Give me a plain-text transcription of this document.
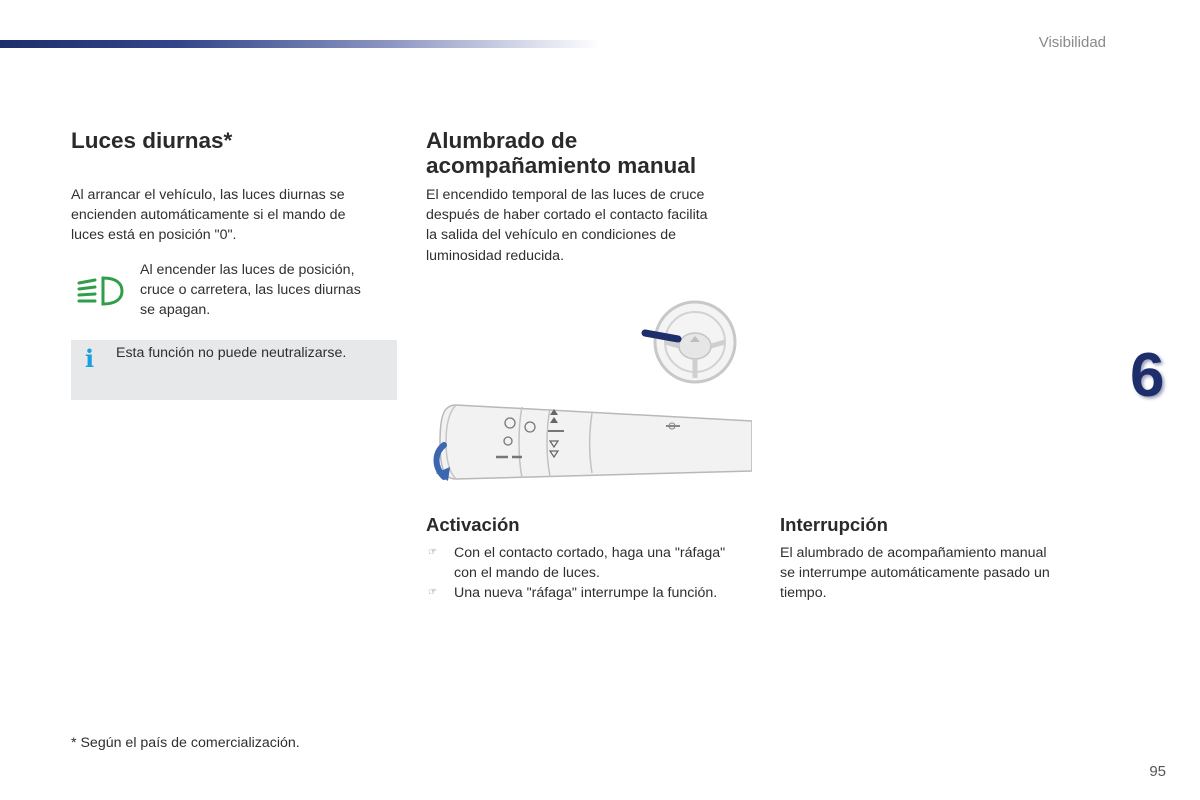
Visibilidad
Luces diurnas*

Al arrancar el vehículo, las luces diurnas se

encienden automáticamente si el mando de

luces está en posición "0".

Al encender las luces de posición,

cruce o carretera, las luces diurnas

se apagan.

i Esta función no puede neutralizarse.
Alumbrado de
acompañamiento manual

El encendido temporal de las luces de cruce

después de haber cortado el contacto facilita

la salida del vehículo en condiciones de

luminosidad reducida.

Activación
☞ Con el contacto cortado, haga una "ráfaga"

con el mando de luces.

☞ Una nueva "ráfaga" interrumpe la función.

Interrupción

El alumbrado de acompañamiento manual

se interrumpe automáticamente pasado un

tiempo.

6
* Según el país de comercialización.
95
